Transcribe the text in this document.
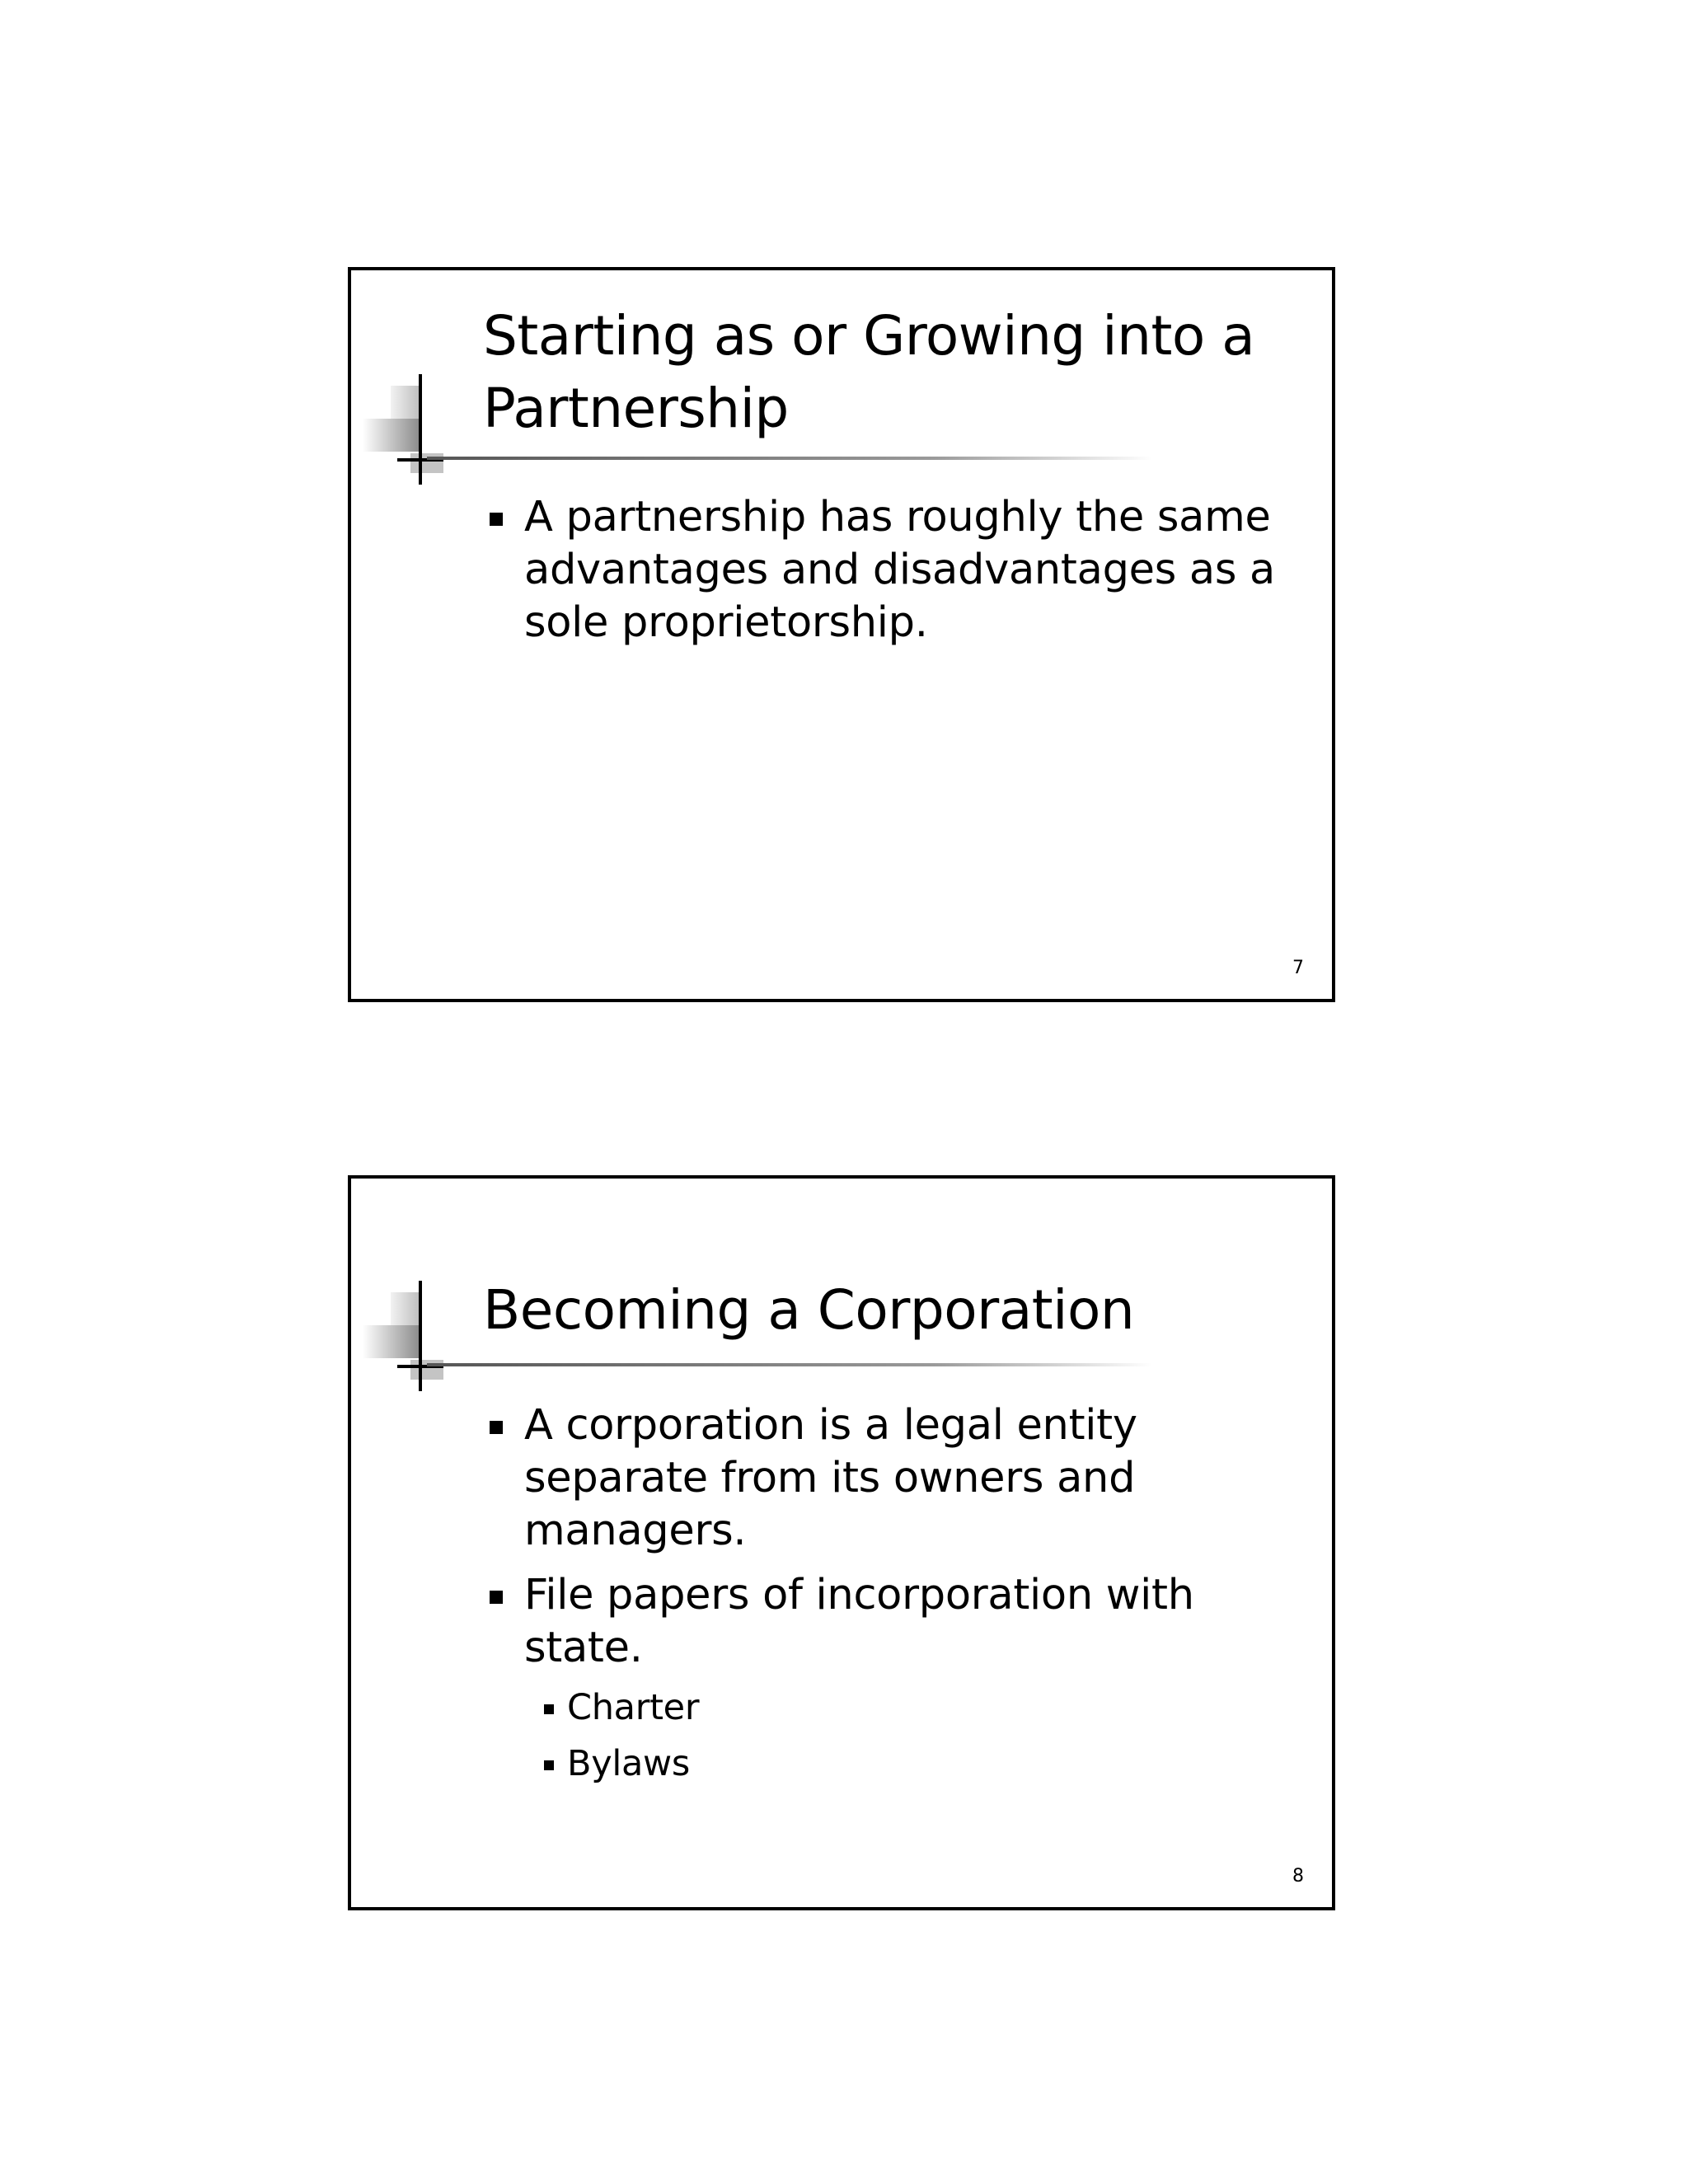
Starting as or Growing into a Partnership
A partnership has roughly the same advantages and disadvantages as a sole proprietorship.
7
Becoming a Corporation
A corporation is a legal entity separate from its owners and managers.
File papers of incorporation with state.
Charter
Bylaws
8
